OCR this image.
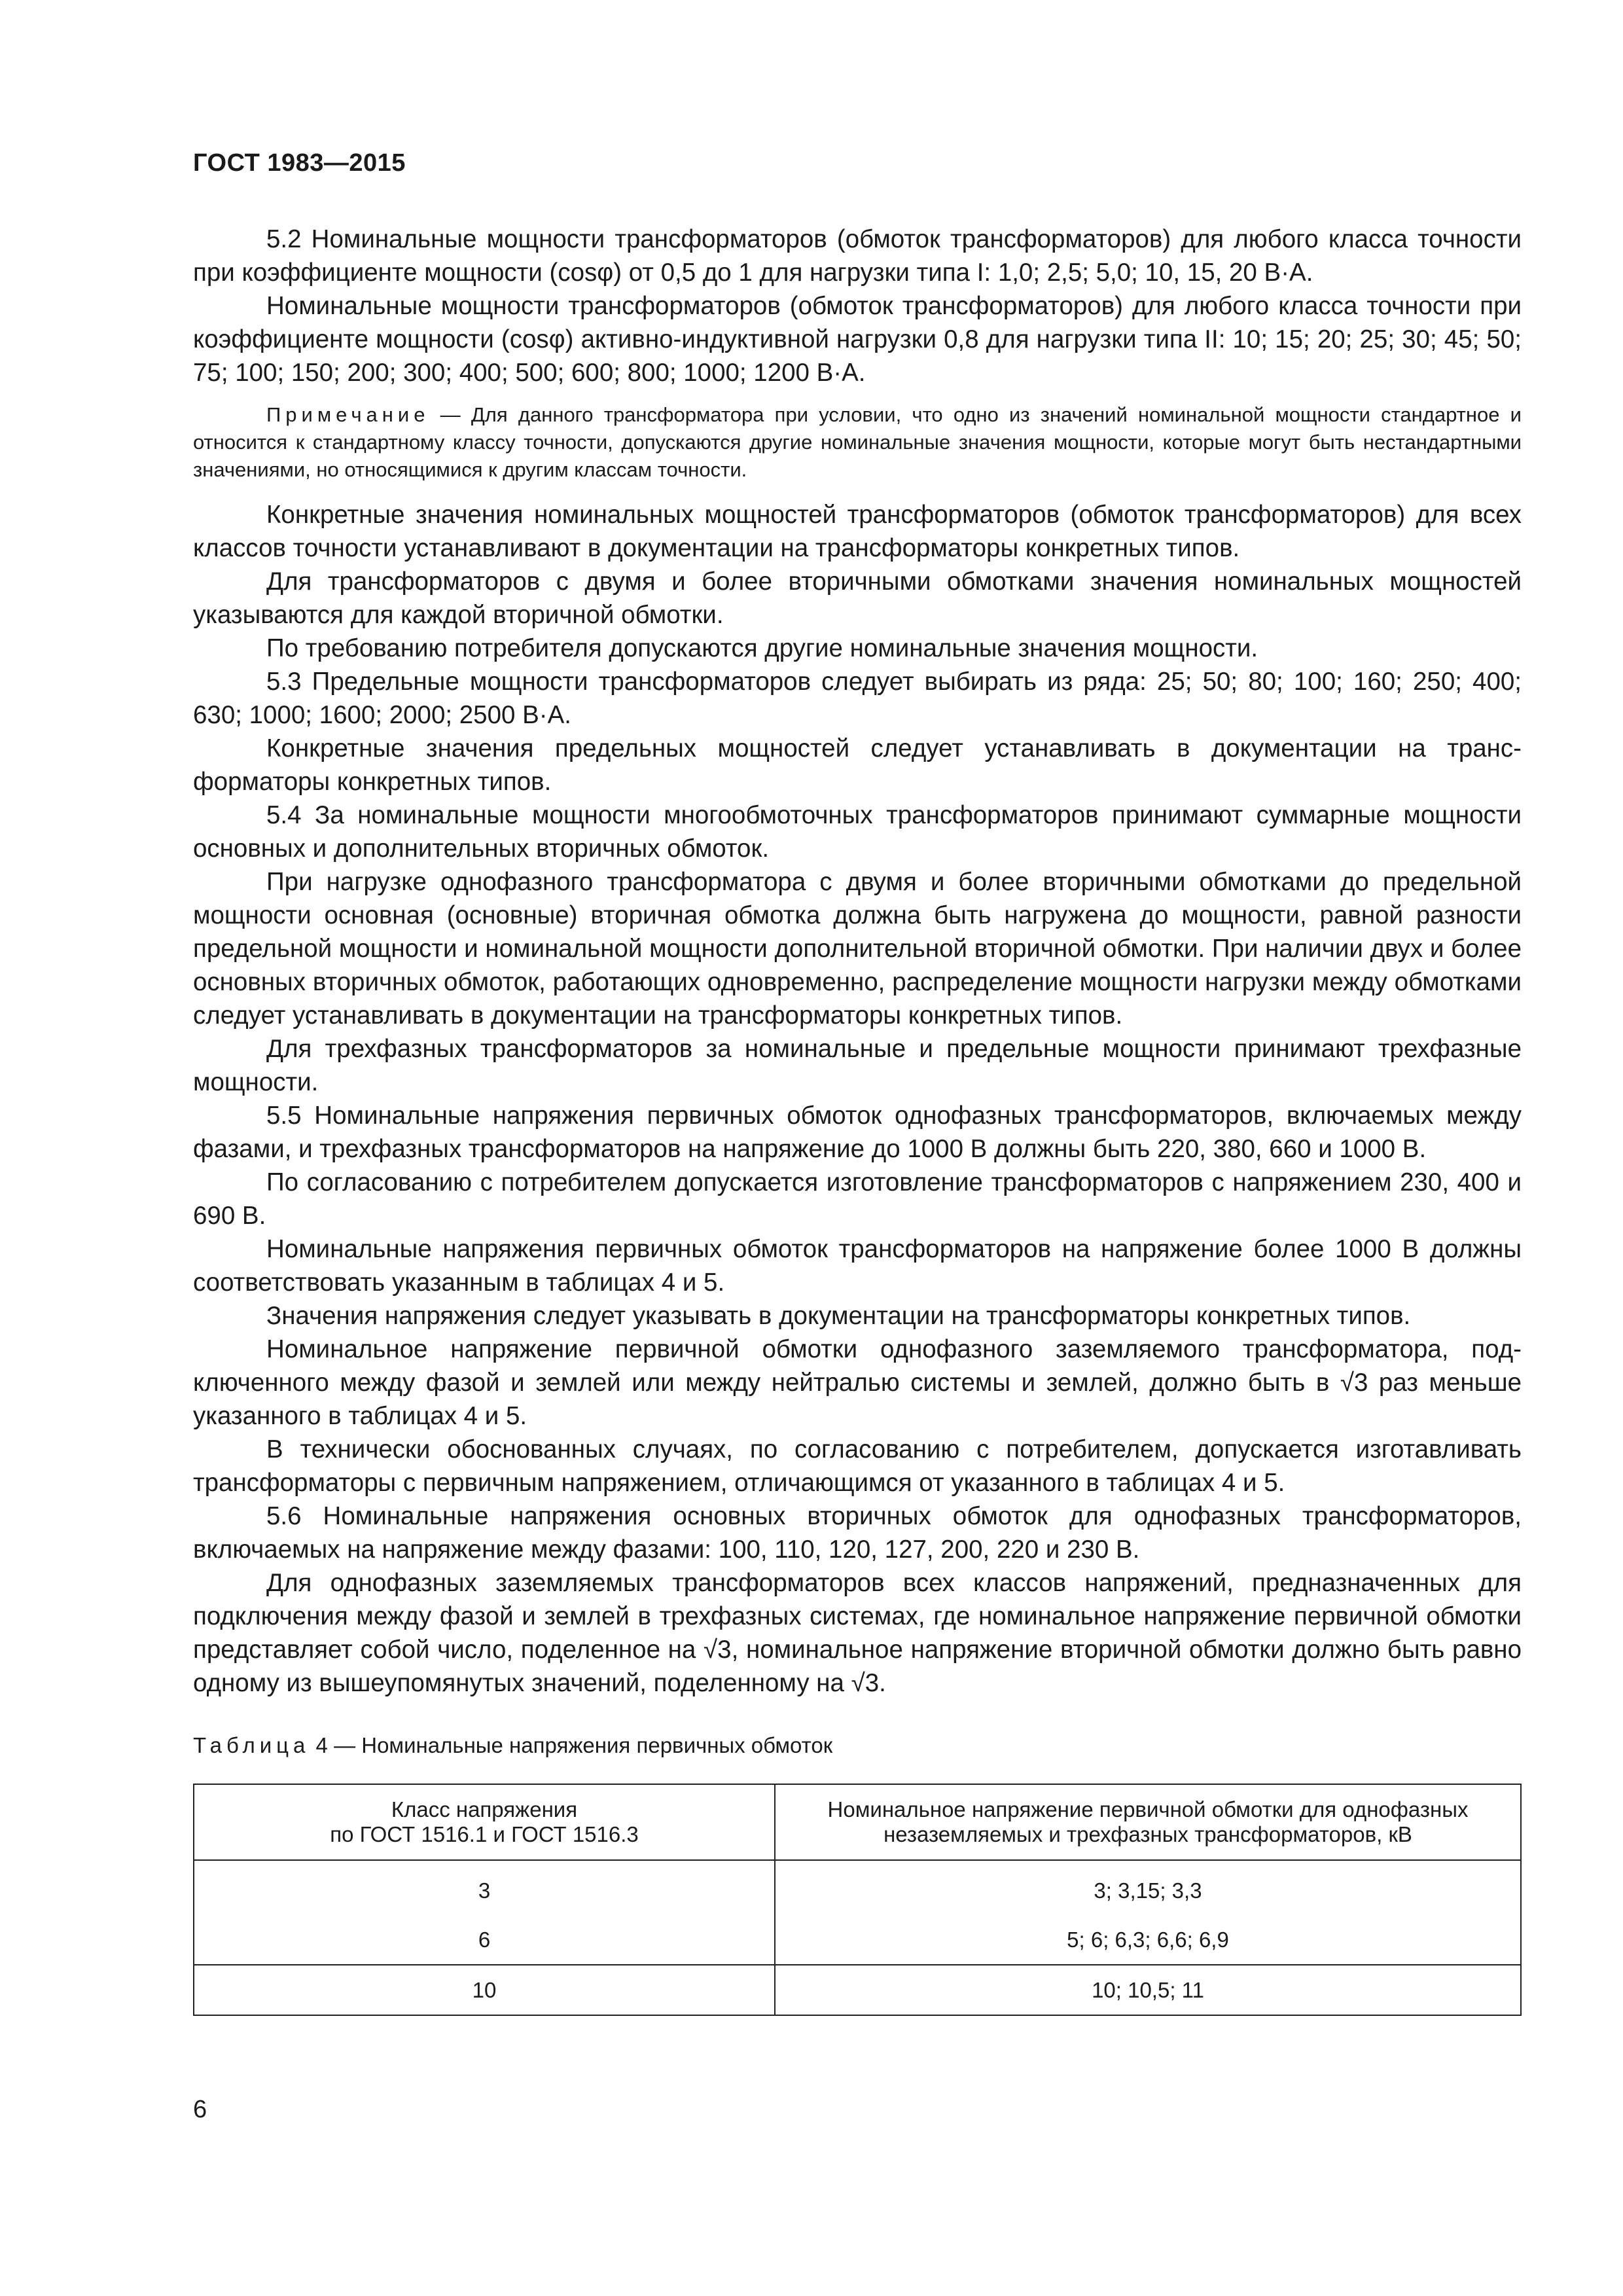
ГОСТ 1983—2015

5.2 Номинальные мощности трансформаторов (обмоток трансформаторов) для любого класса точности при коэффициенте мощности (cosφ) от 0,5 до 1 для нагрузки типа I: 1,0; 2,5; 5,0; 10, 15, 20 В·А.

Номинальные мощности трансформаторов (обмоток трансформаторов) для любого класса точности при коэффициенте мощности (cosφ) активно-индуктивной нагрузки 0,8 для нагрузки типа II: 10; 15; 20; 25; 30; 45; 50; 75; 100; 150; 200; 300; 400; 500; 600; 800; 1000; 1200 В·А.

Примечание — Для данного трансформатора при условии, что одно из значений номинальной мощности стандартное и относится к стандартному классу точности, допускаются другие номинальные значения мощности, которые могут быть нестандартными значениями, но относящимися к другим классам точности.

Конкретные значения номинальных мощностей трансформаторов (обмоток трансформаторов) для всех классов точности устанавливают в документации на трансформаторы конкретных типов.

Для трансформаторов с двумя и более вторичными обмотками значения номинальных мощностей указываются для каждой вторичной обмотки.

По требованию потребителя допускаются другие номинальные значения мощности.

5.3 Предельные мощности трансформаторов следует выбирать из ряда: 25; 50; 80; 100; 160; 250; 400; 630; 1000; 1600; 2000; 2500 В·А.

Конкретные значения предельных мощностей следует устанавливать в документации на трансформаторы конкретных типов.

5.4 За номинальные мощности многообмоточных трансформаторов принимают суммарные мощности основных и дополнительных вторичных обмоток.

При нагрузке однофазного трансформатора с двумя и более вторичными обмотками до предельной мощности основная (основные) вторичная обмотка должна быть нагружена до мощности, равной разности предельной мощности и номинальной мощности дополнительной вторичной обмотки. При наличии двух и более основных вторичных обмоток, работающих одновременно, распределение мощности нагрузки между обмотками следует устанавливать в документации на трансформаторы конкретных типов.

Для трехфазных трансформаторов за номинальные и предельные мощности принимают трехфазные мощности.

5.5 Номинальные напряжения первичных обмоток однофазных трансформаторов, включаемых между фазами, и трехфазных трансформаторов на напряжение до 1000 В должны быть 220, 380, 660 и 1000 В.

По согласованию с потребителем допускается изготовление трансформаторов с напряжением 230, 400 и 690 В.

Номинальные напряжения первичных обмоток трансформаторов на напряжение более 1000 В должны соответствовать указанным в таблицах 4 и 5.

Значения напряжения следует указывать в документации на трансформаторы конкретных типов.

Номинальное напряжение первичной обмотки однофазного заземляемого трансформатора, подключенного между фазой и землей или между нейтралью системы и землей, должно быть в √3 раз меньше указанного в таблицах 4 и 5.

В технически обоснованных случаях, по согласованию с потребителем, допускается изготавливать трансформаторы с первичным напряжением, отличающимся от указанного в таблицах 4 и 5.

5.6 Номинальные напряжения основных вторичных обмоток для однофазных трансформаторов, включаемых на напряжение между фазами: 100, 110, 120, 127, 200, 220 и 230 В.

Для однофазных заземляемых трансформаторов всех классов напряжений, предназначенных для подключения между фазой и землей в трехфазных системах, где номинальное напряжение первичной обмотки представляет собой число, поделенное на √3, номинальное напряжение вторичной обмотки должно быть равно одному из вышеупомянутых значений, поделенному на √3.

Таблица 4 — Номинальные напряжения первичных обмоток
Класс напряжения
по ГОСТ 1516.1 и ГОСТ 1516.3	Номинальное напряжение первичной обмотки для однофазных
незаземляемых и трехфазных трансформаторов, кВ
3	3; 3,15; 3,3
6	5; 6; 6,3; 6,6; 6,9
10	10; 10,5; 11
6
